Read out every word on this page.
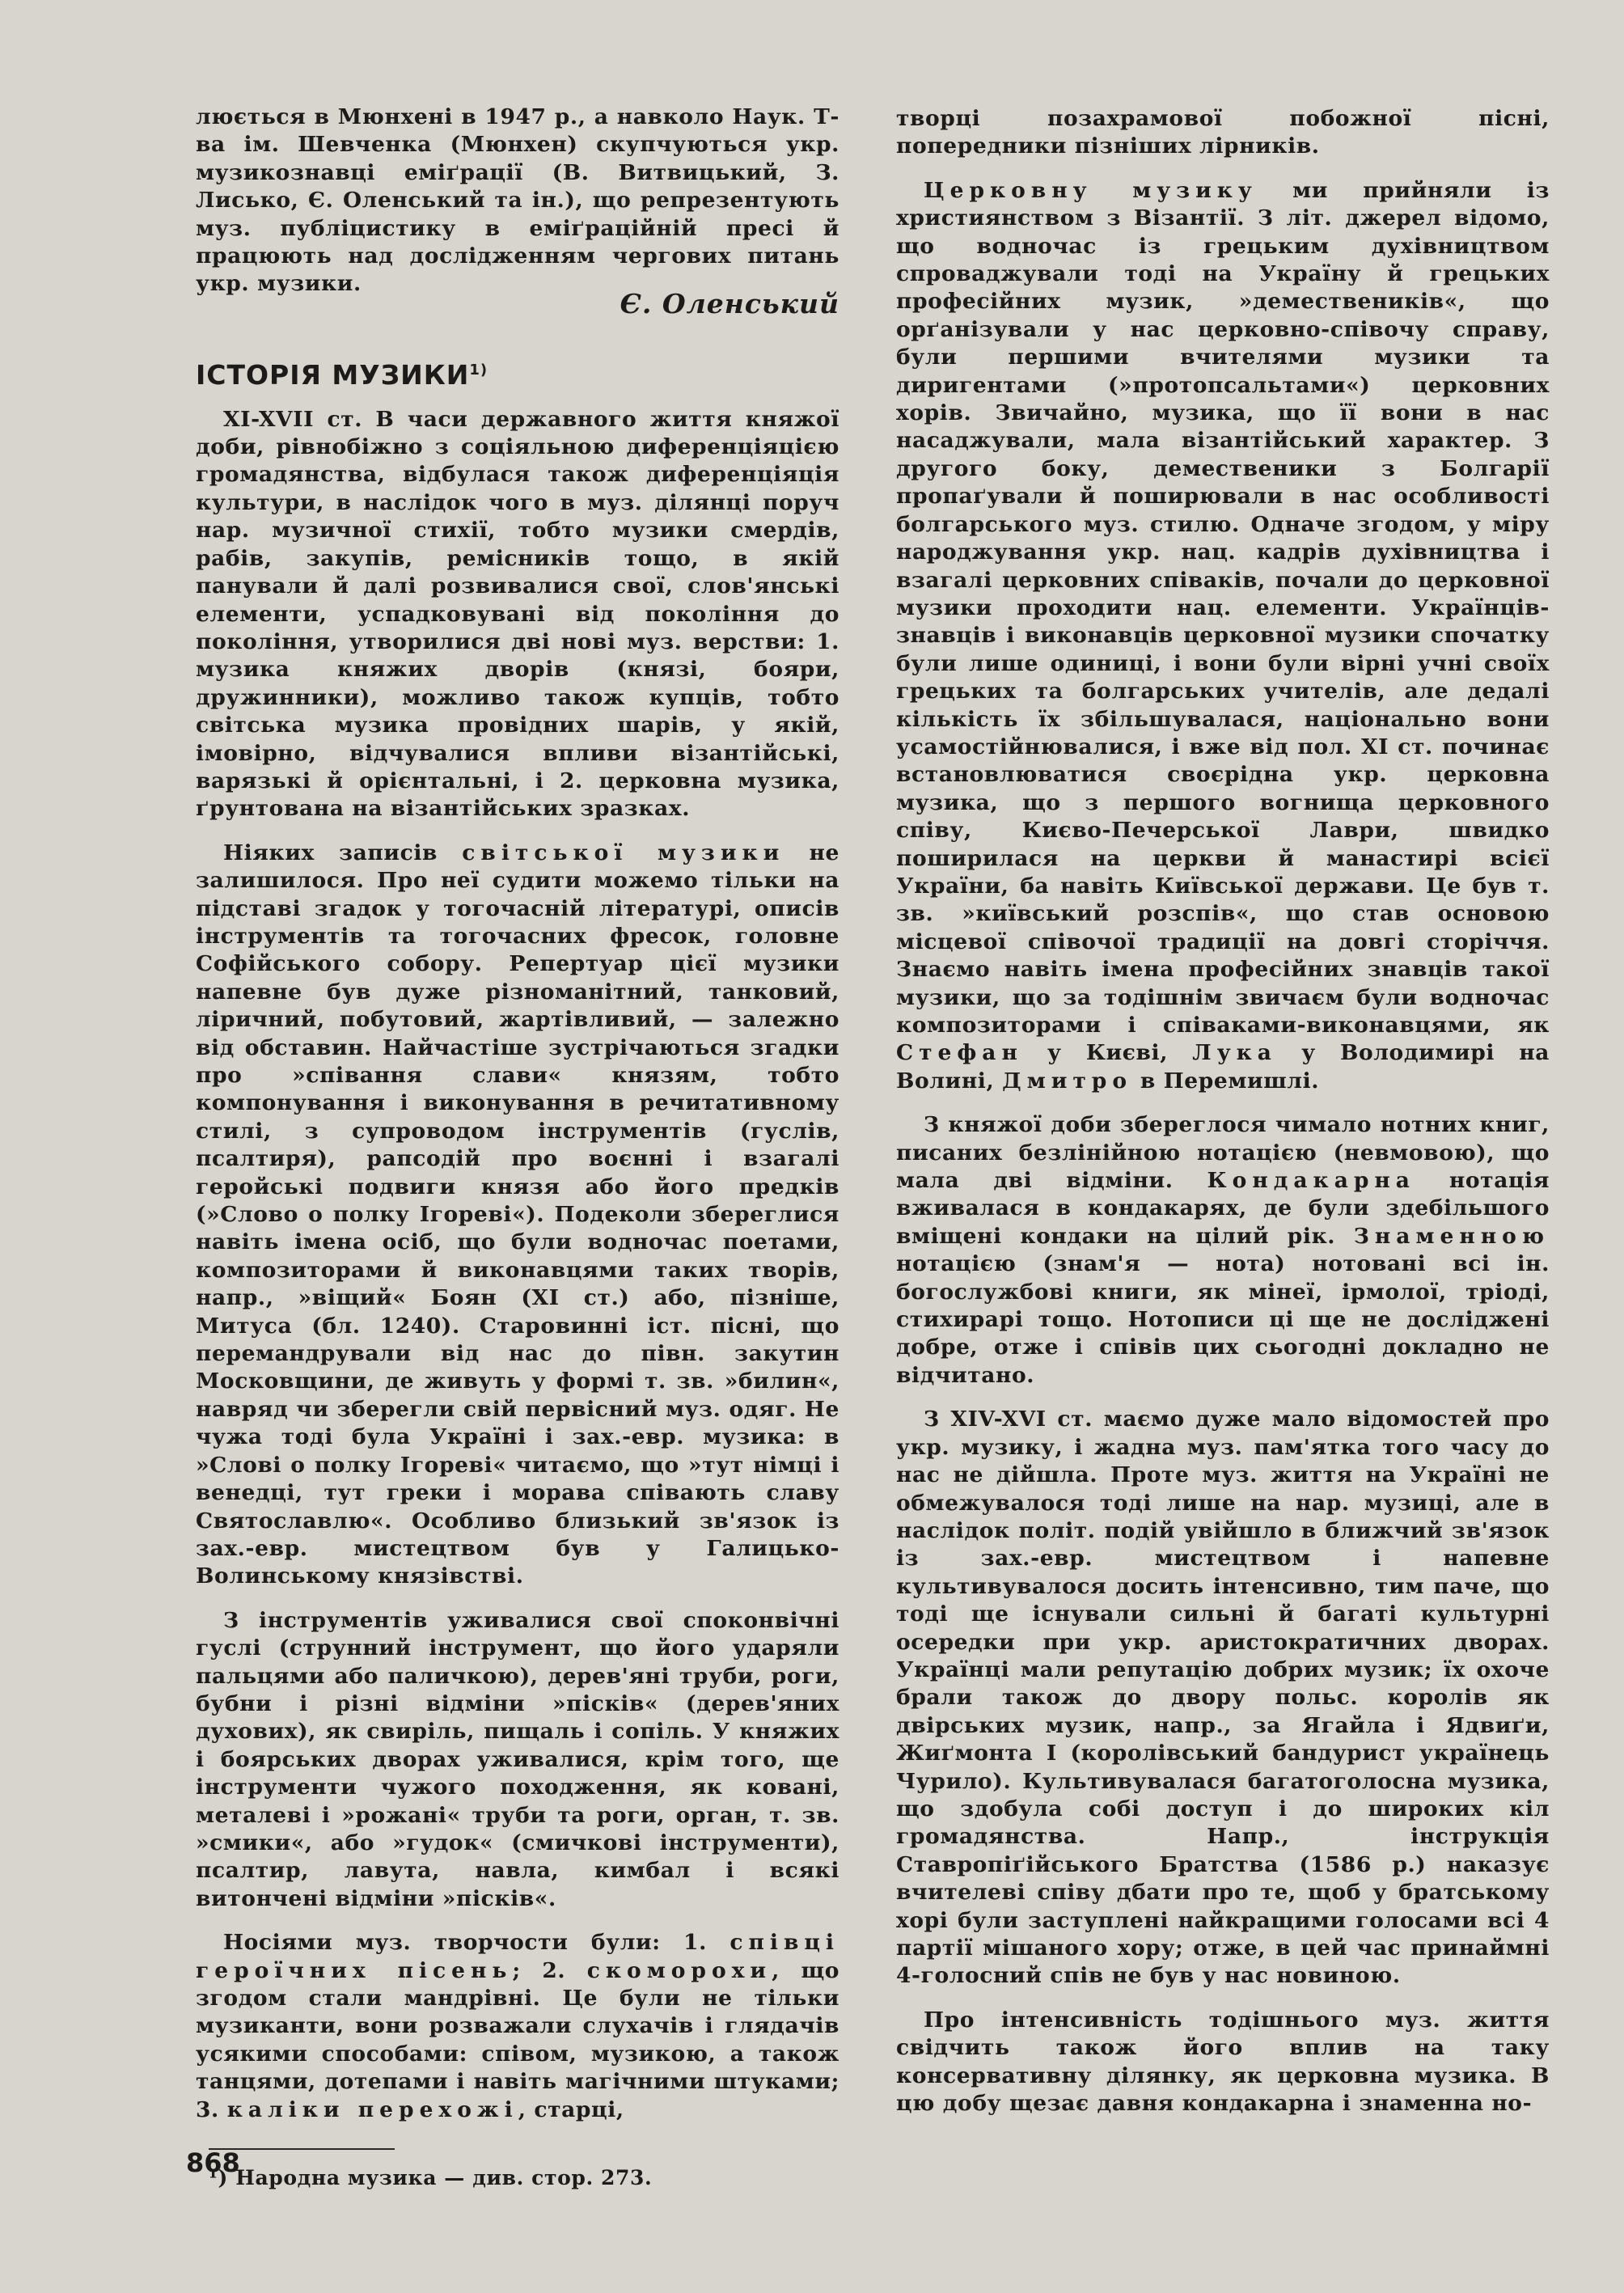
люється в Мюнхені в 1947 р., а навколо Наук. Т-ва ім. Шевченка (Мюнхен) скупчуються укр. музикознавці еміґрації (В. Витвицький, З. Лисько, Є. Оленський та ін.), що репрезентують муз. публіцистику в еміґраційній пресі й працюють над дослідженням чергових питань укр. музики.

Є. Оленський
ІСТОРІЯ МУЗИКИ$^{1)}$

XI-XVII ст. В часи державного життя княжої доби, рівнобіжно з соціяльною диференціяцією громадянства, відбулася також диференціяція культури, в наслідок чого в муз. ділянці поруч нар. музичної стихії, тобто музики смердів, рабів, закупів, ремісників тощо, в якій панували й далі розвивалися свої, слов'янські елементи, успадковувані від покоління до покоління, утворилися дві нові муз. верстви: 1. музика княжих дворів (князі, бояри, дружинники), можливо також купців, тобто світська музика провідних шарів, у якій, імовірно, відчувалися впливи візантійські, варязькі й орієнтальні, і 2. церковна музика, ґрунтована на візантійських зразках.

Ніяких записів світської музики не залишилося. Про неї судити можемо тільки на підставі згадок у тогочасній літературі, описів інструментів та тогочасних фресок, головне Софійського собору. Репертуар цієї музики напевне був дуже різноманітний, танковий, ліричний, побутовий, жартівливий, — залежно від обставин. Найчастіше зустрічаються згадки про »співання слави« князям, тобто компонування і виконування в речитативному стилі, з супроводом інструментів (гуслів, псалтиря), рапсодій про воєнні і взагалі геройські подвиги князя або його предків (»Слово о полку Ігореві«). Подеколи збереглися навіть імена осіб, що були водночас поетами, композиторами й виконавцями таких творів, напр., »віщий« Боян (XI ст.) або, пізніше, Митуса (бл. 1240). Старовинні іст. пісні, що перемандрували від нас до півн. закутин Московщини, де живуть у формі т. зв. »билин«, навряд чи зберегли свій первісний муз. одяг. Не чужа тоді була Україні і зах.-евр. музика: в »Слові о полку Ігореві« читаємо, що »тут німці і венедці, тут греки і морава співають славу Святославлю«. Особливо близький зв'язок із зах.-евр. мистецтвом був у Галицько-Волинському князівстві.

З інструментів уживалися свої споконвічні гуслі (струнний інструмент, що його ударяли пальцями або паличкою), дерев'яні труби, роги, бубни і різні відміни »пісків« (дерев'яних духових), як свиріль, пищаль і сопіль. У княжих і боярських дворах уживалися, крім того, ще інструменти чужого походження, як ковані, металеві і »рожані« труби та роги, орган, т. зв. »смики«, або »гудок« (смичкові інструменти), псалтир, лавута, навла, кимбал і всякі витончені відміни »пісків«.

Носіями муз. творчости були: 1. співці героїчних пісень; 2. скоморохи, що згодом стали мандрівні. Це були не тільки музиканти, вони розважали слухачів і глядачів усякими способами: співом, музикою, а також танцями, дотепами і навіть магічними штуками; 3. каліки перехожі, старці,

¹) Народна музика — див. стор. 273.

творці позахрамової побожної пісні, попередники пізніших лірників.

Церковну музику ми прийняли із християнством з Візантії. З літ. джерел відомо, що водночас із грецьким духівництвом спроваджували тоді на Україну й грецьких професійних музик, »демествеників«, що орґанізували у нас церковно-співочу справу, були першими вчителями музики та диригентами (»протопсальтами«) церковних хорів. Звичайно, музика, що її вони в нас насаджували, мала візантійський характер. З другого боку, демественики з Болгарії пропаґували й поширювали в нас особливості болгарського муз. стилю. Одначе згодом, у міру народжування укр. нац. кадрів духівництва і взагалі церковних співаків, почали до церковної музики проходити нац. елементи. Українців-знавців і виконавців церковної музики спочатку були лише одиниці, і вони були вірні учні своїх грецьких та болгарських учителів, але дедалі кількість їх збільшувалася, національно вони усамостійнювалися, і вже від пол. XI ст. починає встановлюватися своєрідна укр. церковна музика, що з першого вогнища церковного співу, Києво-Печерської Лаври, швидко поширилася на церкви й манастирі всієї України, ба навіть Київської держави. Це був т. зв. »київський розспів«, що став основою місцевої співочої традиції на довгі сторіччя. Знаємо навіть імена професійних знавців такої музики, що за тодішнім звичаєм були водночас композиторами і співаками-виконавцями, як Стефан у Києві, Лука у Володимирі на Волині, Дмитро в Перемишлі.

З княжої доби збереглося чимало нотних книг, писаних безлінійною нотацією (невмовою), що мала дві відміни. Кондакарна нотація вживалася в кондакарях, де були здебільшого вміщені кондаки на цілий рік. Знаменною нотацією (знам'я — нота) нотовані всі ін. богослужбові книги, як мінеї, ірмолої, тріоді, стихирарі тощо. Нотописи ці ще не досліджені добре, отже і співів цих сьогодні докладно не відчитано.

З XIV-XVI ст. маємо дуже мало відомостей про укр. музику, і жадна муз. пам'ятка того часу до нас не дійшла. Проте муз. життя на Україні не обмежувалося тоді лише на нар. музиці, але в наслідок політ. подій увійшло в ближчий зв'язок із зах.-евр. мистецтвом і напевне культивувалося досить інтенсивно, тим паче, що тоді ще існували сильні й багаті культурні осередки при укр. аристократичних дворах. Українці мали репутацію добрих музик; їх охоче брали також до двору польс. королів як двірських музик, напр., за Ягайла і Ядвиґи, Жиґмонта I (королівський бандурист українець Чурило). Культивувалася багатоголосна музика, що здобула собі доступ і до широких кіл громадянства. Напр., інструкція Ставропіґійського Братства (1586 р.) наказує вчителеві співу дбати про те, щоб у братському хорі були заступлені найкращими голосами всі 4 партії мішаного хору; отже, в цей час принаймні 4-голосний спів не був у нас новиною.

Про інтенсивність тодішнього муз. життя свідчить також його вплив на таку консервативну ділянку, як церковна музика. В цю добу щезає давня кондакарна і знаменна но-

868
